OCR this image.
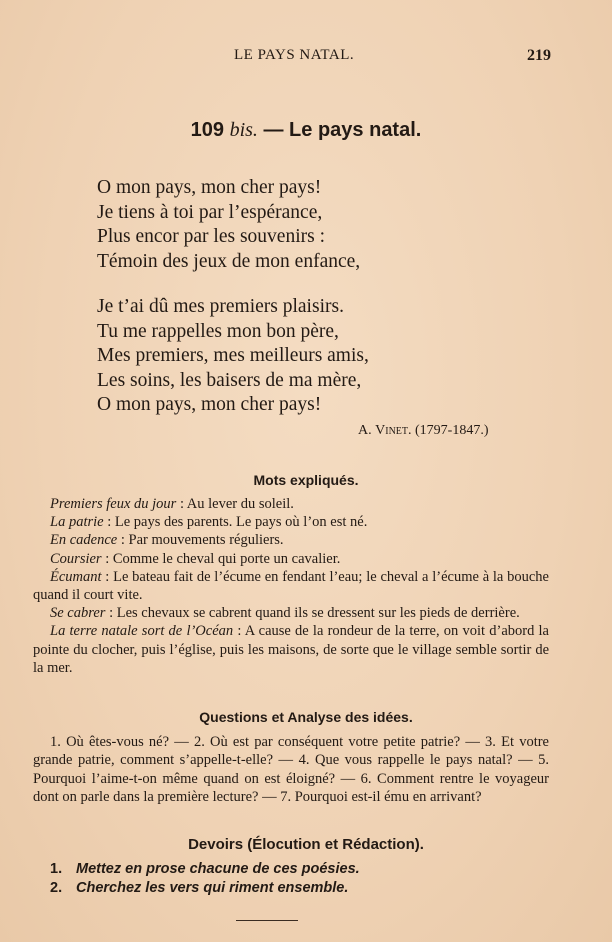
LE PAYS NATAL.	219
109 bis. — Le pays natal.
O mon pays, mon cher pays!
Je tiens à toi par l’espérance,
Plus encor par les souvenirs :
Témoin des jeux de mon enfance,
Je t’ai dû mes premiers plaisirs.
Tu me rappelles mon bon père,
Mes premiers, mes meilleurs amis,
Les soins, les baisers de ma mère,
O mon pays, mon cher pays!
A. Vinet. (1797-1847.)
Mots expliqués.

Premiers feux du jour : Au lever du soleil.

La patrie : Le pays des parents. Le pays où l’on est né.

En cadence : Par mouvements réguliers.

Coursier : Comme le cheval qui porte un cavalier.

Écumant : Le bateau fait de l’écume en fendant l’eau; le cheval a l’écume à la bouche quand il court vite.

Se cabrer : Les chevaux se cabrent quand ils se dressent sur les pieds de derrière.

La terre natale sort de l’Océan : A cause de la rondeur de la terre, on voit d’abord la pointe du clocher, puis l’église, puis les maisons, de sorte que le village semble sortir de la mer.

Questions et Analyse des idées.
1. Où êtes-vous né? — 2. Où est par conséquent votre petite patrie? — 3. Et votre grande patrie, comment s’appelle-t-elle? — 4. Que vous rappelle le pays natal? — 5. Pourquoi l’aime-t-on même quand on est éloigné? — 6. Comment rentre le voyageur dont on parle dans la première lecture? — 7. Pourquoi est-il ému en arrivant?
Devoirs (Élocution et Rédaction).
1. Mettez en prose chacune de ces poésies.
2. Cherchez les vers qui riment ensemble.
